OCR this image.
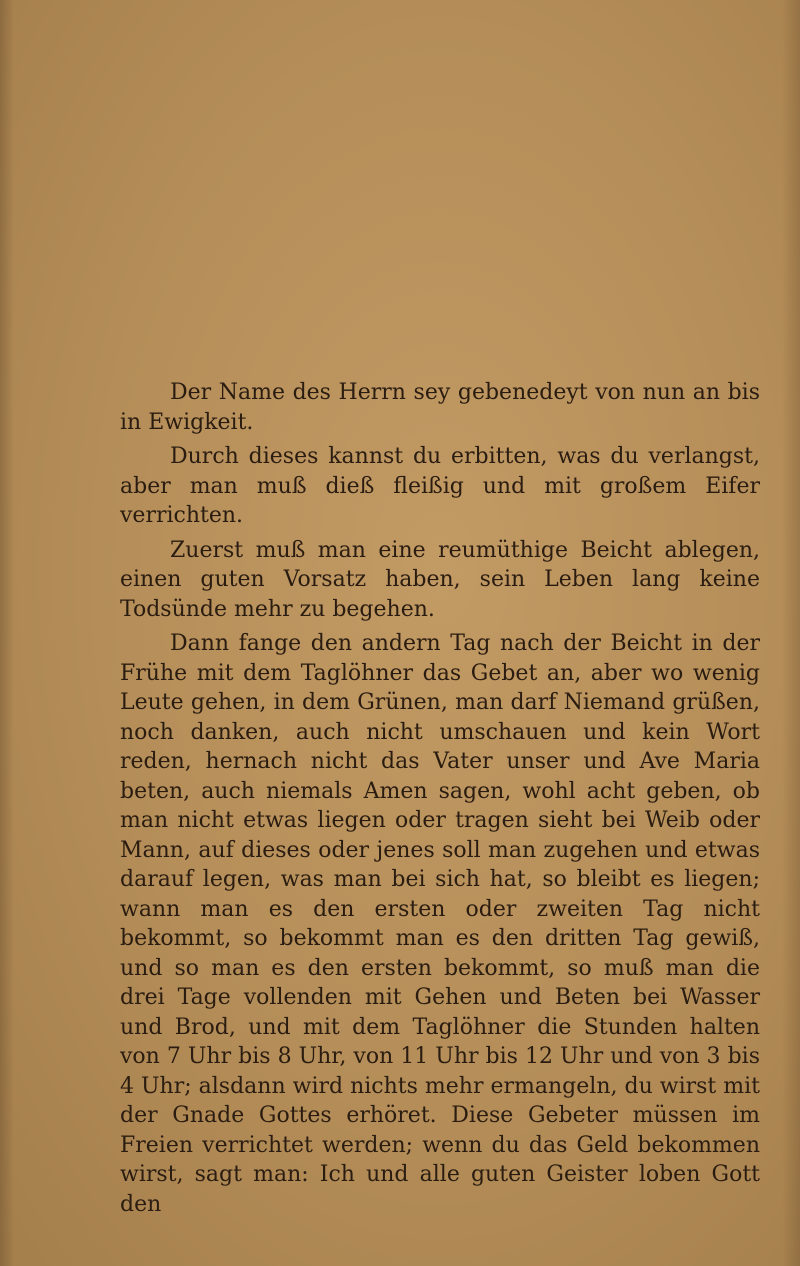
Der Name des Herrn sey gebenedeyt von nun an bis in Ewigkeit.

Durch dieses kannst du erbitten, was du verlangst, aber man muß dieß fleißig und mit großem Eifer verrichten.

Zuerst muß man eine reumüthige Beicht ablegen, einen guten Vorsatz haben, sein Leben lang keine Todsünde mehr zu begehen.

Dann fange den andern Tag nach der Beicht in der Frühe mit dem Taglöhner das Gebet an, aber wo wenig Leute gehen, in dem Grünen, man darf Niemand grüßen, noch danken, auch nicht umschauen und kein Wort reden, hernach nicht das Vater unser und Ave Maria beten, auch niemals Amen sagen, wohl acht geben, ob man nicht etwas liegen oder tragen sieht bei Weib oder Mann, auf dieses oder jenes soll man zugehen und etwas darauf legen, was man bei sich hat, so bleibt es liegen; wann man es den ersten oder zweiten Tag nicht bekommt, so bekommt man es den dritten Tag gewiß, und so man es den ersten bekommt, so muß man die drei Tage vollenden mit Gehen und Beten bei Wasser und Brod, und mit dem Taglöhner die Stunden halten von 7 Uhr bis 8 Uhr, von 11 Uhr bis 12 Uhr und von 3 bis 4 Uhr; alsdann wird nichts mehr ermangeln, du wirst mit der Gnade Gottes erhöret. Diese Gebeter müssen im Freien verrichtet werden; wenn du das Geld bekommen wirst, sagt man: Ich und alle guten Geister loben Gott den
